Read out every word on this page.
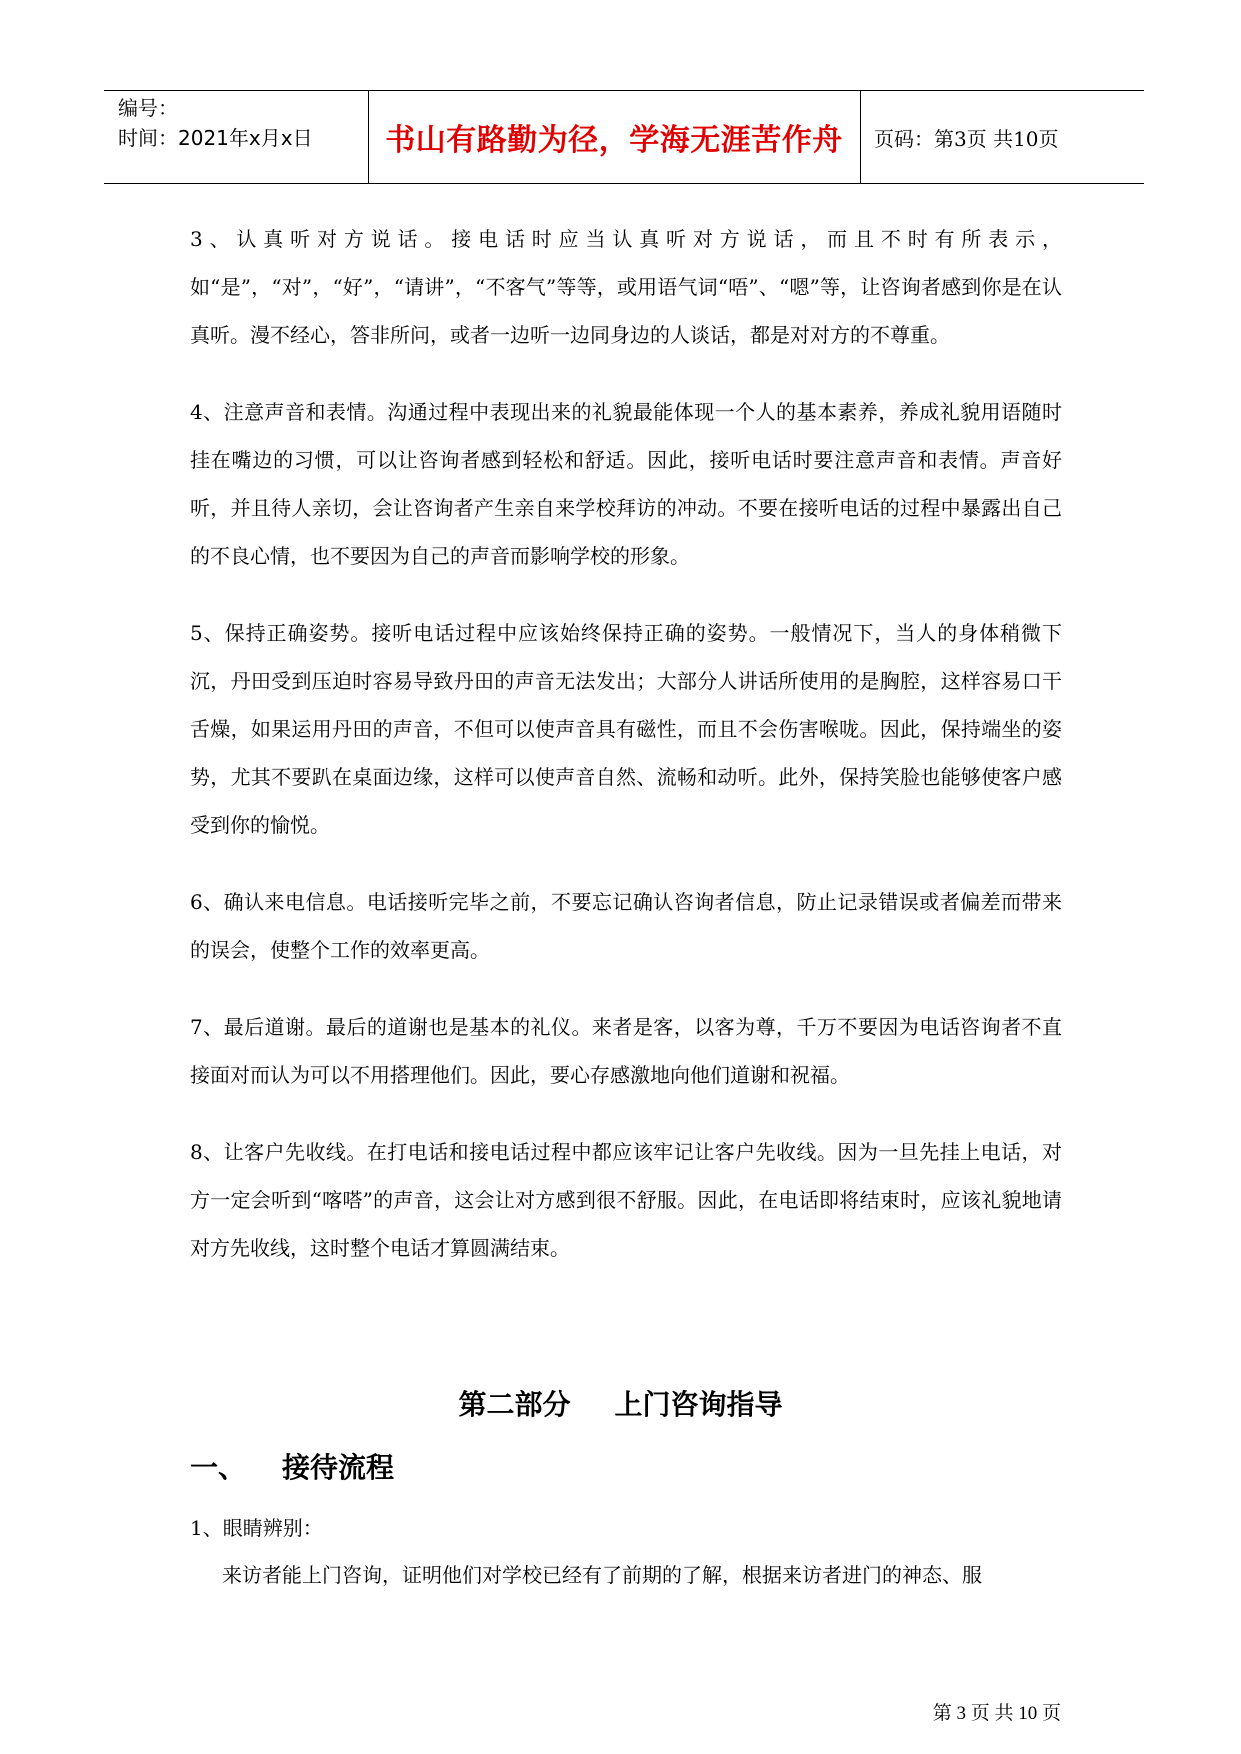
编号：
时间：2021年x月x日	书山有路勤为径，学海无涯苦作舟	页码：第3页 共10页

3、认真听对方说话。接电话时应当认真听对方说话，而且不时有所表示，如“是”，“对”，“好”，“请讲”，“不客气”等等，或用语气词“唔”、“嗯”等，让咨询者感到你是在认真听。漫不经心，答非所问，或者一边听一边同身边的人谈话，都是对对方的不尊重。

4、注意声音和表情。沟通过程中表现出来的礼貌最能体现一个人的基本素养，养成礼貌用语随时挂在嘴边的习惯，可以让咨询者感到轻松和舒适。因此，接听电话时要注意声音和表情。声音好听，并且待人亲切，会让咨询者产生亲自来学校拜访的冲动。不要在接听电话的过程中暴露出自己的不良心情，也不要因为自己的声音而影响学校的形象。

5、保持正确姿势。接听电话过程中应该始终保持正确的姿势。一般情况下，当人的身体稍微下沉，丹田受到压迫时容易导致丹田的声音无法发出；大部分人讲话所使用的是胸腔，这样容易口干舌燥，如果运用丹田的声音，不但可以使声音具有磁性，而且不会伤害喉咙。因此，保持端坐的姿势，尤其不要趴在桌面边缘，这样可以使声音自然、流畅和动听。此外，保持笑脸也能够使客户感受到你的愉悦。

6、确认来电信息。电话接听完毕之前，不要忘记确认咨询者信息，防止记录错误或者偏差而带来的误会，使整个工作的效率更高。

7、最后道谢。最后的道谢也是基本的礼仪。来者是客，以客为尊，千万不要因为电话咨询者不直接面对而认为可以不用搭理他们。因此，要心存感激地向他们道谢和祝福。

8、让客户先收线。在打电话和接电话过程中都应该牢记让客户先收线。因为一旦先挂上电话，对方一定会听到“喀嗒”的声音，这会让对方感到很不舒服。因此，在电话即将结束时，应该礼貌地请对方先收线，这时整个电话才算圆满结束。

第二部分 上门咨询指导
一、 接待流程
1、眼睛辨别：
来访者能上门咨询，证明他们对学校已经有了前期的了解，根据来访者进门的神态、服
第 3 页 共 10 页
